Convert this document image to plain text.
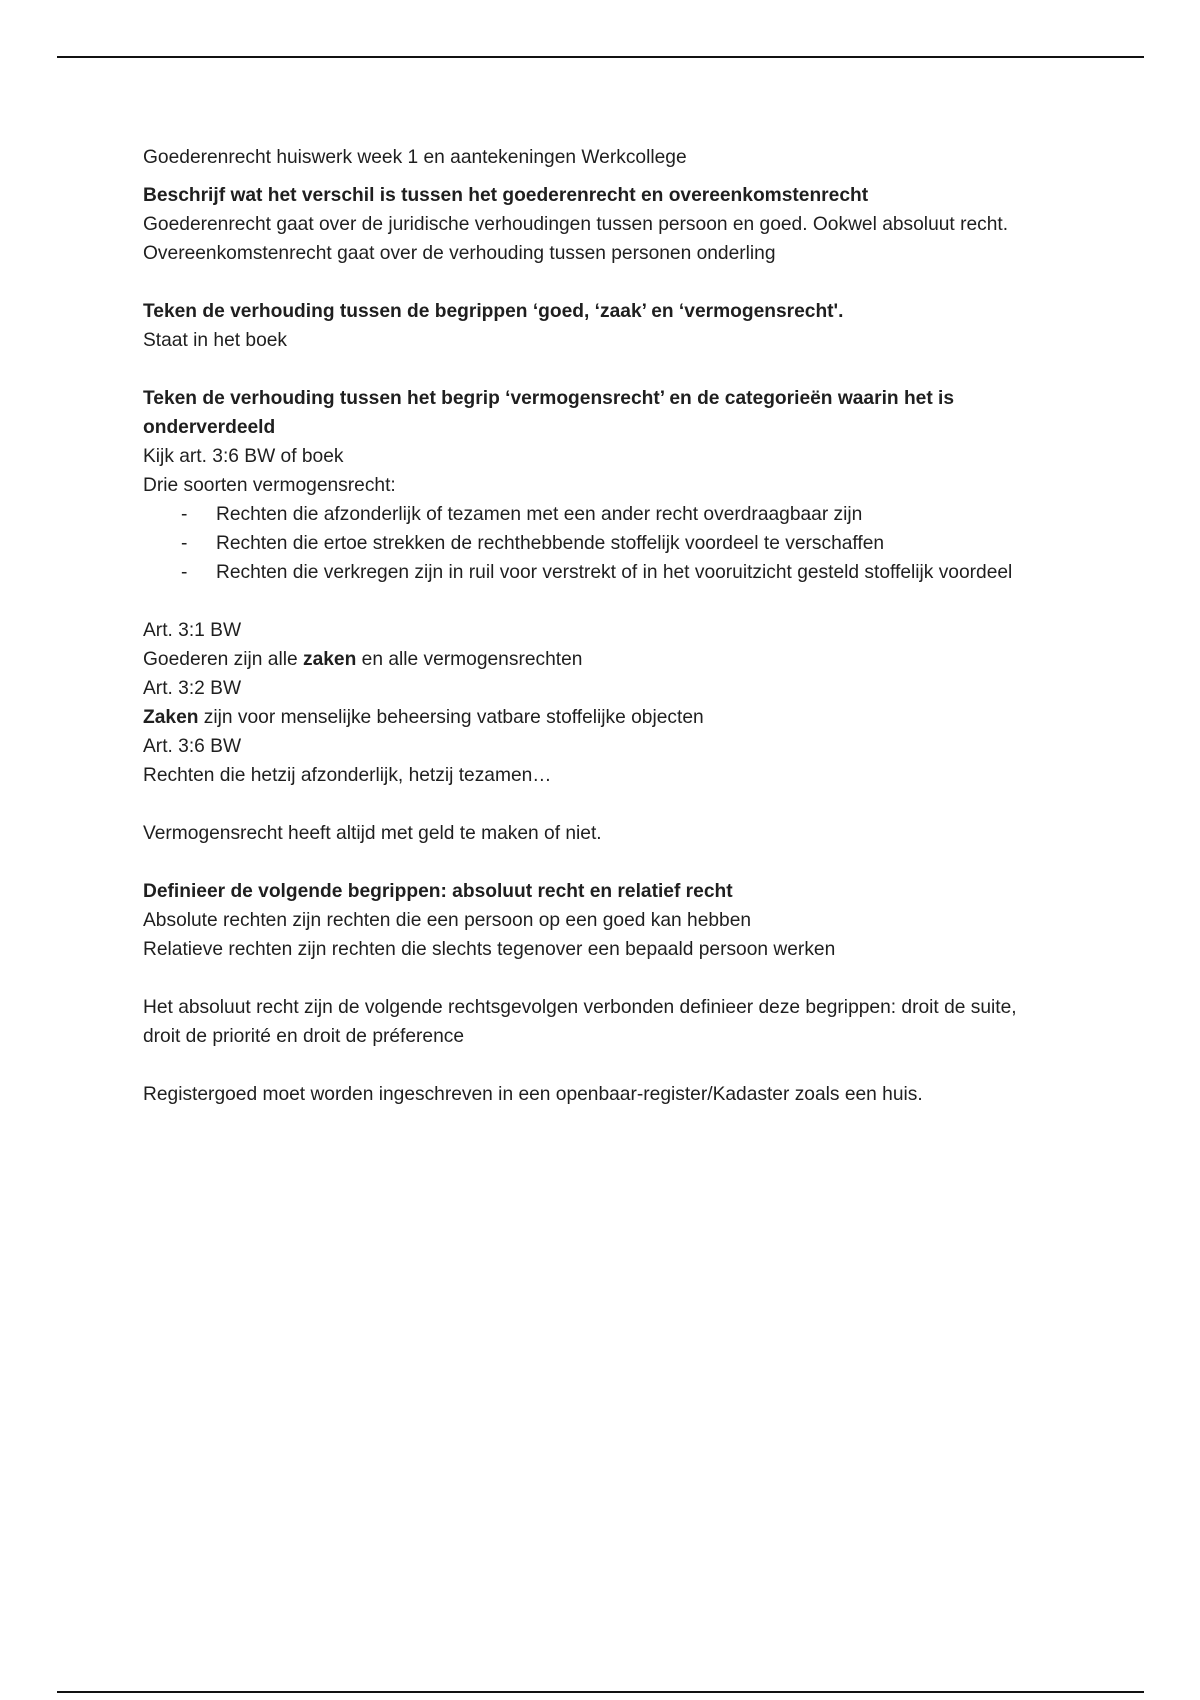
Goederenrecht huiswerk week 1 en aantekeningen Werkcollege

Beschrijf wat het verschil is tussen het goederenrecht en overeenkomstenrecht

Goederenrecht gaat over de juridische verhoudingen tussen persoon en goed. Ookwel absoluut recht.

Overeenkomstenrecht gaat over de verhouding tussen personen onderling

Teken de verhouding tussen de begrippen ‘goed, ‘zaak’ en ‘vermogensrecht'.

Staat in het boek

Teken de verhouding tussen het begrip ‘vermogensrecht’ en de categorieën waarin het is onderverdeeld

Kijk art. 3:6 BW of boek

Drie soorten vermogensrecht:

- Rechten die afzonderlijk of tezamen met een ander recht overdraagbaar zijn
- Rechten die ertoe strekken de rechthebbende stoffelijk voordeel te verschaffen
- Rechten die verkregen zijn in ruil voor verstrekt of in het vooruitzicht gesteld stoffelijk voordeel

Art. 3:1 BW

Goederen zijn alle zaken en alle vermogensrechten

Art. 3:2 BW

Zaken zijn voor menselijke beheersing vatbare stoffelijke objecten

Art. 3:6 BW

Rechten die hetzij afzonderlijk, hetzij tezamen…

Vermogensrecht heeft altijd met geld te maken of niet.

Definieer de volgende begrippen: absoluut recht en relatief recht

Absolute rechten zijn rechten die een persoon op een goed kan hebben

Relatieve rechten zijn rechten die slechts tegenover een bepaald persoon werken

Het absoluut recht zijn de volgende rechtsgevolgen verbonden definieer deze begrippen: droit de suite, droit de priorité en droit de préference

Registergoed moet worden ingeschreven in een openbaar-register/Kadaster zoals een huis.
